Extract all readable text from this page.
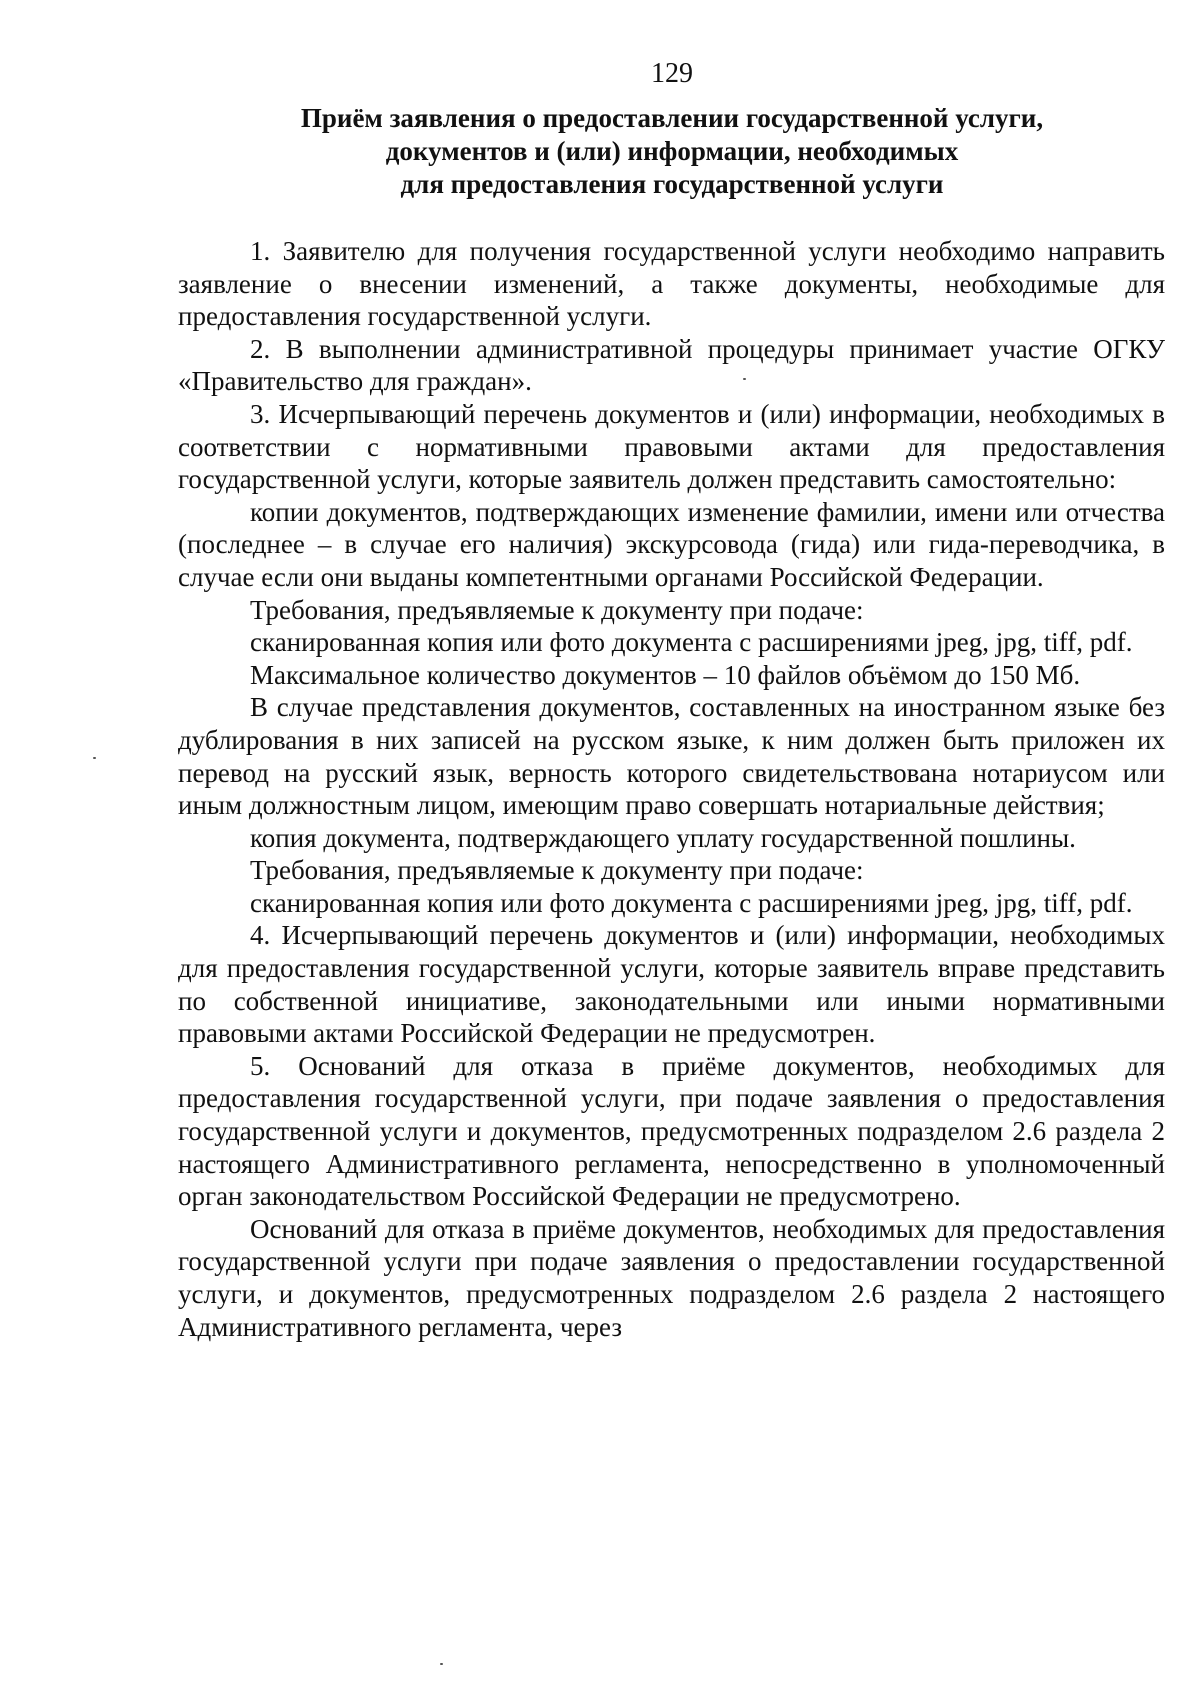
129
Приём заявления о предоставлении государственной услуги,
документов и (или) информации, необходимых
для предоставления государственной услуги

1. Заявителю для получения государственной услуги необходимо направить заявление о внесении изменений, а также документы, необходимые для предоставления государственной услуги.

2. В выполнении административной процедуры принимает участие ОГКУ «Правительство для граждан».

3. Исчерпывающий перечень документов и (или) информации, необходимых в соответствии с нормативными правовыми актами для предоставления государственной услуги, которые заявитель должен представить самостоятельно:

копии документов, подтверждающих изменение фамилии, имени или отчества (последнее – в случае его наличия) экскурсовода (гида) или гида-переводчика, в случае если они выданы компетентными органами Российской Федерации.

Требования, предъявляемые к документу при подаче:

сканированная копия или фото документа с расширениями jpeg, jpg, tiff, pdf.

Максимальное количество документов – 10 файлов объёмом до 150 Мб.

В случае представления документов, составленных на иностранном языке без дублирования в них записей на русском языке, к ним должен быть приложен их перевод на русский язык, верность которого свидетельствована нотариусом или иным должностным лицом, имеющим право совершать нотариальные действия;

копия документа, подтверждающего уплату государственной пошлины.

Требования, предъявляемые к документу при подаче:

сканированная копия или фото документа с расширениями jpeg, jpg, tiff, pdf.

4. Исчерпывающий перечень документов и (или) информации, необходимых для предоставления государственной услуги, которые заявитель вправе представить по собственной инициативе, законодательными или иными нормативными правовыми актами Российской Федерации не предусмотрен.

5. Оснований для отказа в приёме документов, необходимых для предоставления государственной услуги, при подаче заявления о предоставления государственной услуги и документов, предусмотренных подразделом 2.6 раздела 2 настоящего Административного регламента, непосредственно в уполномоченный орган законодательством Российской Федерации не предусмотрено.

Оснований для отказа в приёме документов, необходимых для предоставления государственной услуги при подаче заявления о предоставлении государственной услуги, и документов, предусмотренных подразделом 2.6 раздела 2 настоящего Административного регламента, через
